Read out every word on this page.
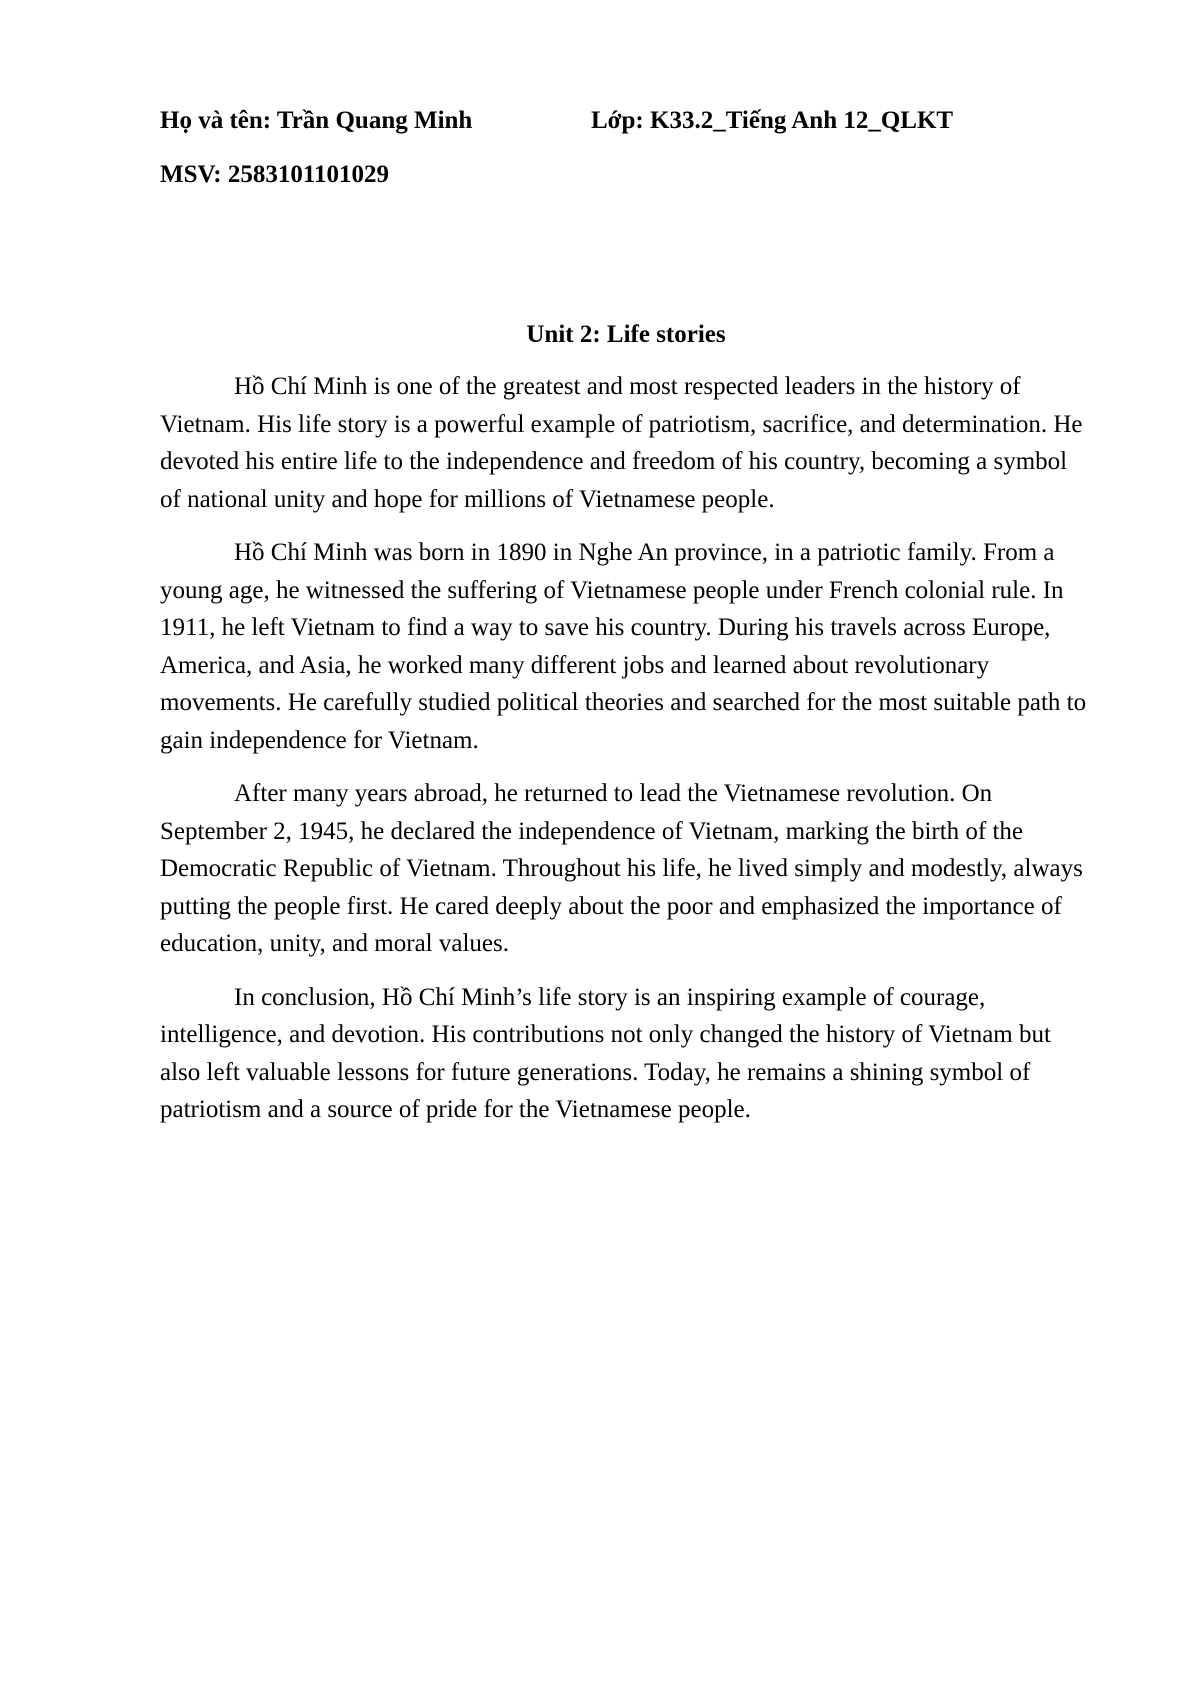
Họ và tên: Trần Quang Minh	Lớp: K33.2_Tiếng Anh 12_QLKT
MSV: 2583101101029
Unit 2: Life stories

Hồ Chí Minh is one of the greatest and most respected leaders in the history of Vietnam. His life story is a powerful example of patriotism, sacrifice, and determination. He devoted his entire life to the independence and freedom of his country, becoming a symbol of national unity and hope for millions of Vietnamese people.

Hồ Chí Minh was born in 1890 in Nghe An province, in a patriotic family. From a young age, he witnessed the suffering of Vietnamese people under French colonial rule. In 1911, he left Vietnam to find a way to save his country. During his travels across Europe, America, and Asia, he worked many different jobs and learned about revolutionary movements. He carefully studied political theories and searched for the most suitable path to gain independence for Vietnam.

After many years abroad, he returned to lead the Vietnamese revolution. On September 2, 1945, he declared the independence of Vietnam, marking the birth of the Democratic Republic of Vietnam. Throughout his life, he lived simply and modestly, always putting the people first. He cared deeply about the poor and emphasized the importance of education, unity, and moral values.

In conclusion, Hồ Chí Minh’s life story is an inspiring example of courage, intelligence, and devotion. His contributions not only changed the history of Vietnam but also left valuable lessons for future generations. Today, he remains a shining symbol of patriotism and a source of pride for the Vietnamese people.
